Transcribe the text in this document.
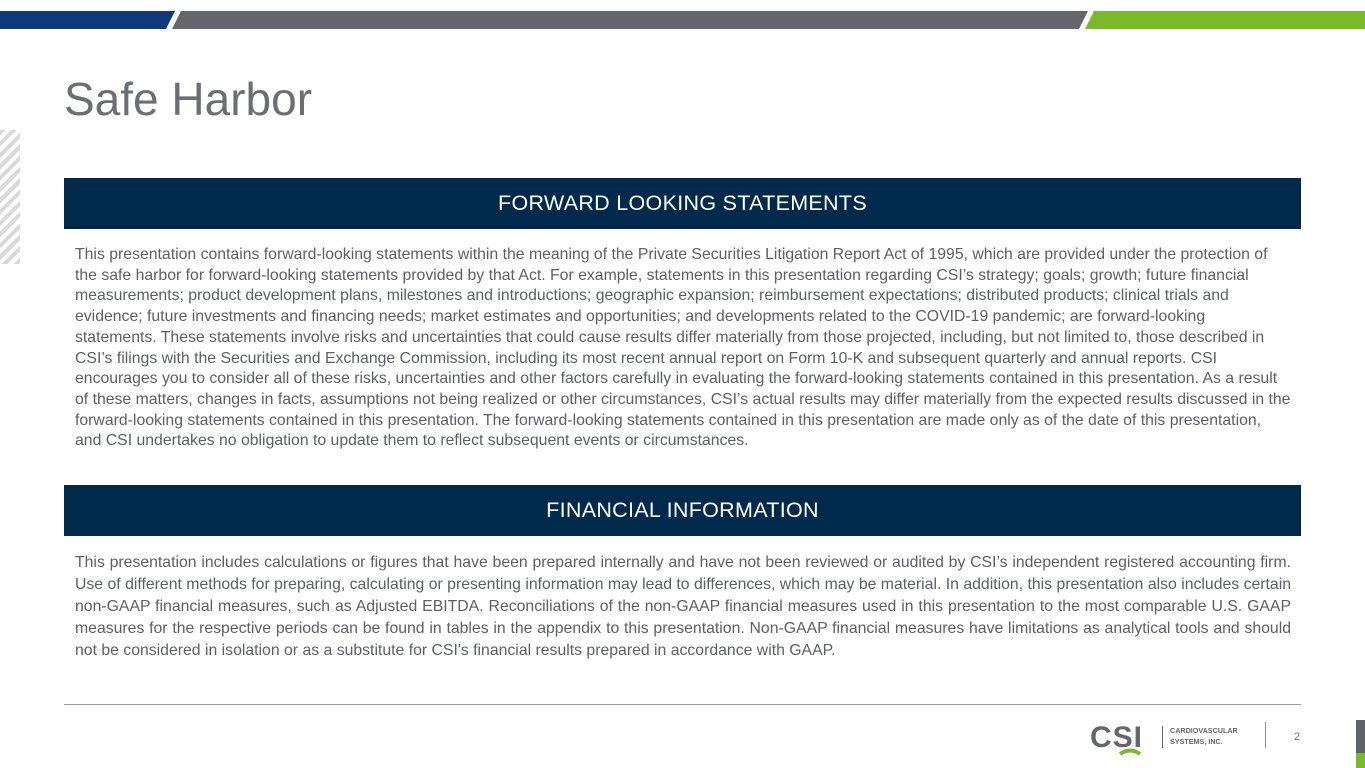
Safe Harbor
FORWARD LOOKING STATEMENTS

This presentation contains forward-looking statements within the meaning of the Private Securities Litigation Report Act of 1995, which are provided under the protection of the safe harbor for forward-looking statements provided by that Act. For example, statements in this presentation regarding CSI’s strategy; goals; growth; future financial measurements; product development plans, milestones and introductions; geographic expansion; reimbursement expectations; distributed products; clinical trials and evidence; future investments and financing needs; market estimates and opportunities; and developments related to the COVID-19 pandemic; are forward-looking statements. These statements involve risks and uncertainties that could cause results differ materially from those projected, including, but not limited to, those described in CSI’s filings with the Securities and Exchange Commission, including its most recent annual report on Form 10-K and subsequent quarterly and annual reports. CSI encourages you to consider all of these risks, uncertainties and other factors carefully in evaluating the forward-looking statements contained in this presentation. As a result of these matters, changes in facts, assumptions not being realized or other circumstances, CSI’s actual results may differ materially from the expected results discussed in the forward-looking statements contained in this presentation. The forward-looking statements contained in this presentation are made only as of the date of this presentation, and CSI undertakes no obligation to update them to reflect subsequent events or circumstances.

FINANCIAL INFORMATION

This presentation includes calculations or figures that have been prepared internally and have not been reviewed or audited by CSI’s independent registered accounting firm. Use of different methods for preparing, calculating or presenting information may lead to differences, which may be material. In addition, this presentation also includes certain non-GAAP financial measures, such as Adjusted EBITDA. Reconciliations of the non-GAAP financial measures used in this presentation to the most comparable U.S. GAAP measures for the respective periods can be found in tables in the appendix to this presentation. Non-GAAP financial measures have limitations as analytical tools and should not be considered in isolation or as a substitute for CSI's financial results prepared in accordance with GAAP.

CSI	CARDIOVASCULAR
SYSTEMS, INC.	2
